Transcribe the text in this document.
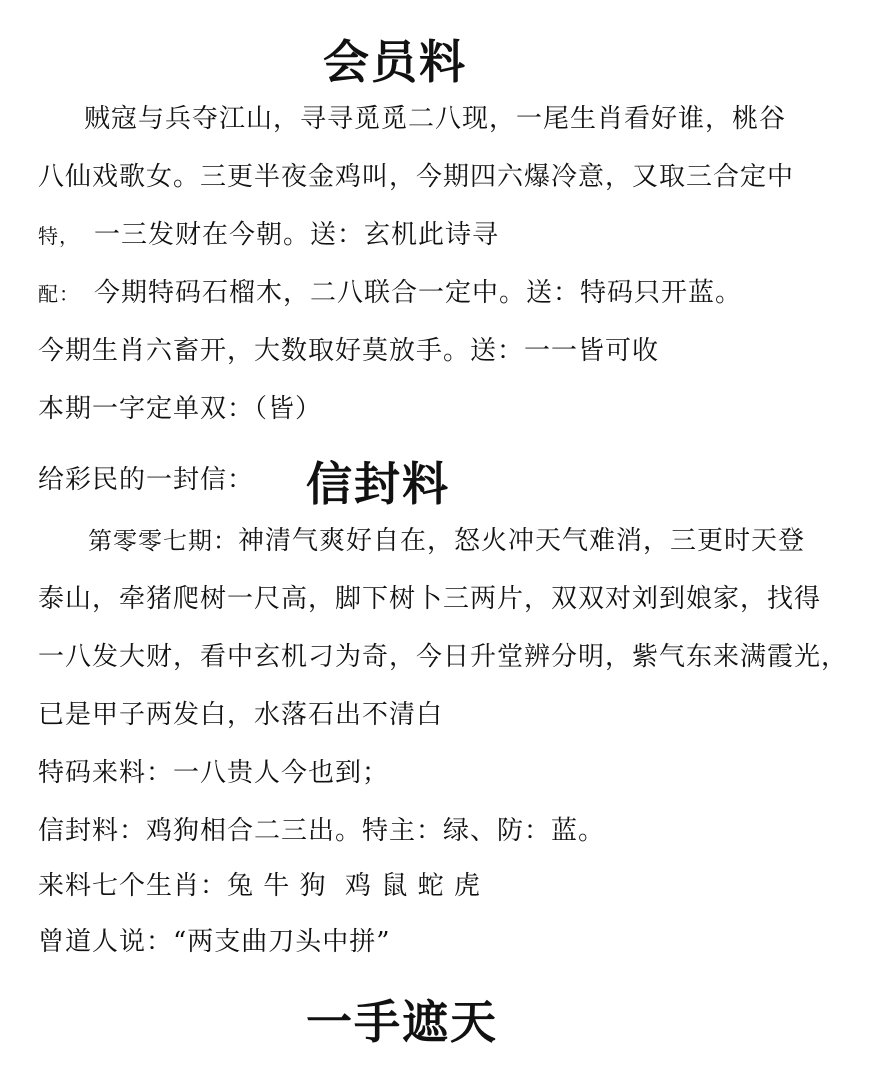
会员料
贼寇与兵夺江山，寻寻觅觅二八现，一尾生肖看好谁，桃谷
八仙戏歌女。三更半夜金鸡叫，今期四六爆冷意，又取三合定中
特， 一三发财在今朝。送：玄机此诗寻
配： 今期特码石榴木，二八联合一定中。送：特码只开蓝。
今期生肖六畜开，大数取好莫放手。送：一一皆可收
本期一字定单双：（皆）
给彩民的一封信：	信封料
第零零七期：神清气爽好自在，怒火冲天气难消，三更时天登
泰山，牵猪爬树一尺高，脚下树卜三两片，双双对刘到娘家，找得
一八发大财，看中玄机刁为奇，今日升堂辨分明，紫气东来满霞光，
已是甲子两发白，水落石出不清白
特码来料：一八贵人今也到；
信封料：鸡狗相合二三出。特主：绿、防：蓝。
来料七个生肖：兔 牛 狗  鸡 鼠 蛇 虎
曾道人说：“两支曲刀头中拼”
一手遮天
